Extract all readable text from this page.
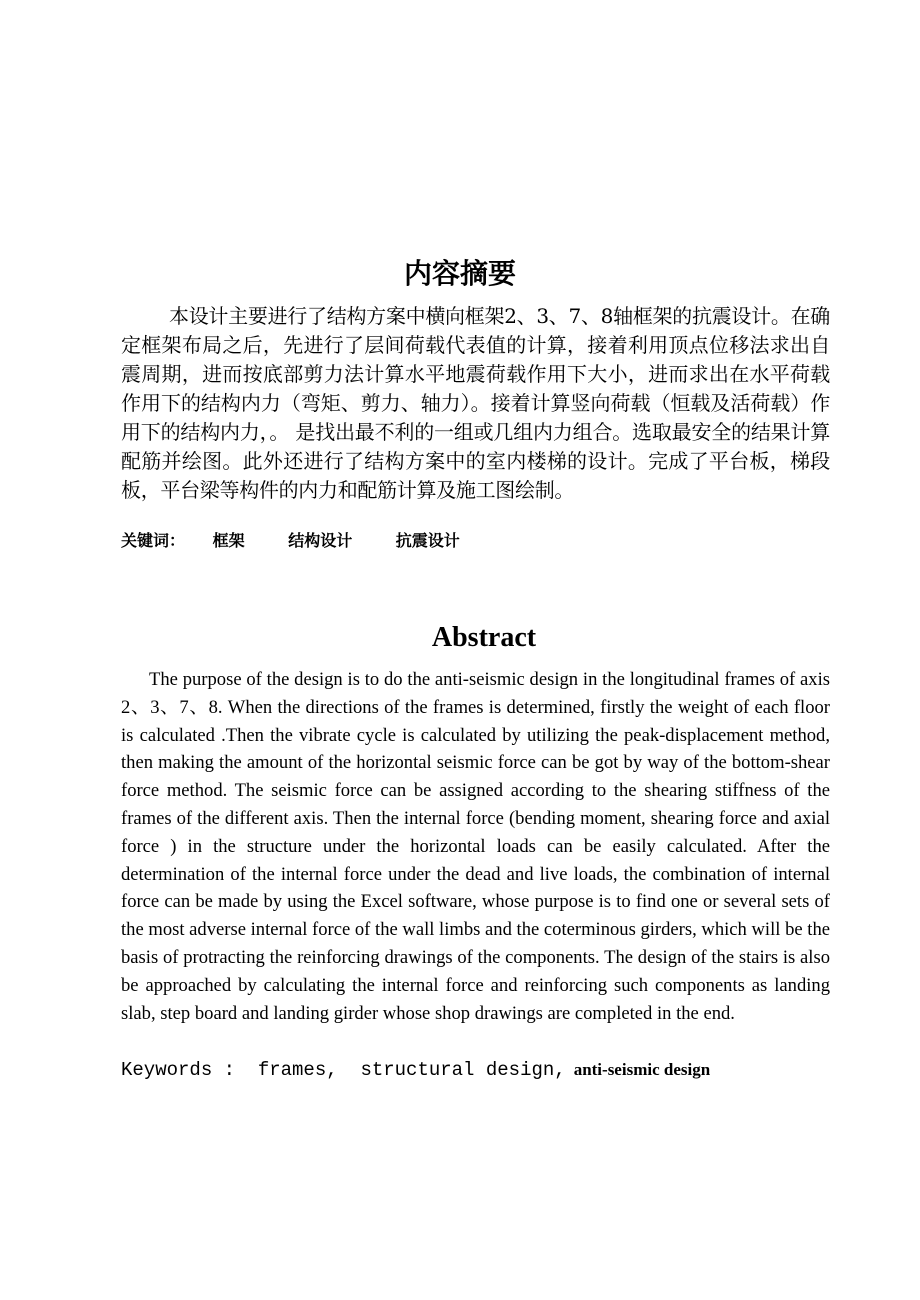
内容摘要

本设计主要进行了结构方案中横向框架2、3、7、8轴框架的抗震设计。在确定框架布局之后，先进行了层间荷载代表值的计算，接着利用顶点位移法求出自震周期，进而按底部剪力法计算水平地震荷载作用下大小，进而求出在水平荷载作用下的结构内力（弯矩、剪力、轴力）。接着计算竖向荷载（恒载及活荷载）作用下的结构内力，。 是找出最不利的一组或几组内力组合。选取最安全的结果计算配筋并绘图。此外还进行了结构方案中的室内楼梯的设计。完成了平台板，梯段板，平台梁等构件的内力和配筋计算及施工图绘制。

关键词： 框架	结构设计	抗震设计

Abstract

The purpose of the design is to do the anti-seismic design in the longitudinal frames of axis 2、3、7、8. When the directions of the frames is determined, firstly the weight of each floor is calculated .Then the vibrate cycle is calculated by utilizing the peak-displacement method, then making the amount of the horizontal seismic force can be got by way of the bottom-shear force method. The seismic force can be assigned according to the shearing stiffness of the frames of the different axis. Then the internal force (bending moment, shearing force and axial force ) in the structure under the horizontal loads can be easily calculated. After the determination of the internal force under the dead and live loads, the combination of internal force can be made by using the Excel software, whose purpose is to find one or several sets of the most adverse internal force of the wall limbs and the coterminous girders, which will be the basis of protracting the reinforcing drawings of the components. The design of the stairs is also be approached by calculating the internal force and reinforcing such components as landing slab, step board and landing girder whose shop drawings are completed in the end.

Keywords :  frames,  structural design, anti-seismic design
